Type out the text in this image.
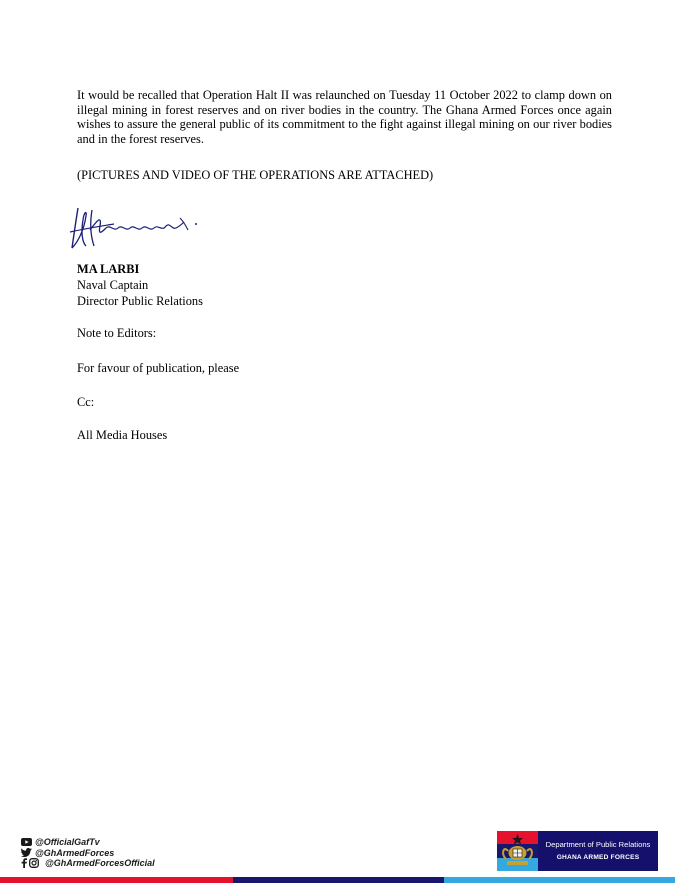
It would be recalled that Operation Halt II was relaunched on Tuesday 11 October 2022 to clamp down on illegal mining in forest reserves and on river bodies in the country. The Ghana Armed Forces once again wishes to assure the general public of its commitment to the fight against illegal mining on our river bodies and in the forest reserves.

(PICTURES AND VIDEO OF THE OPERATIONS ARE ATTACHED)
MA LARBI
Naval Captain
Director Public Relations
Note to Editors:
For favour of publication, please
Cc:
All Media Houses
@OfficialGafTv
@GhArmedForces
@GhArmedForcesOfficial
Department of Public Relations
GHANA ARMED FORCES
